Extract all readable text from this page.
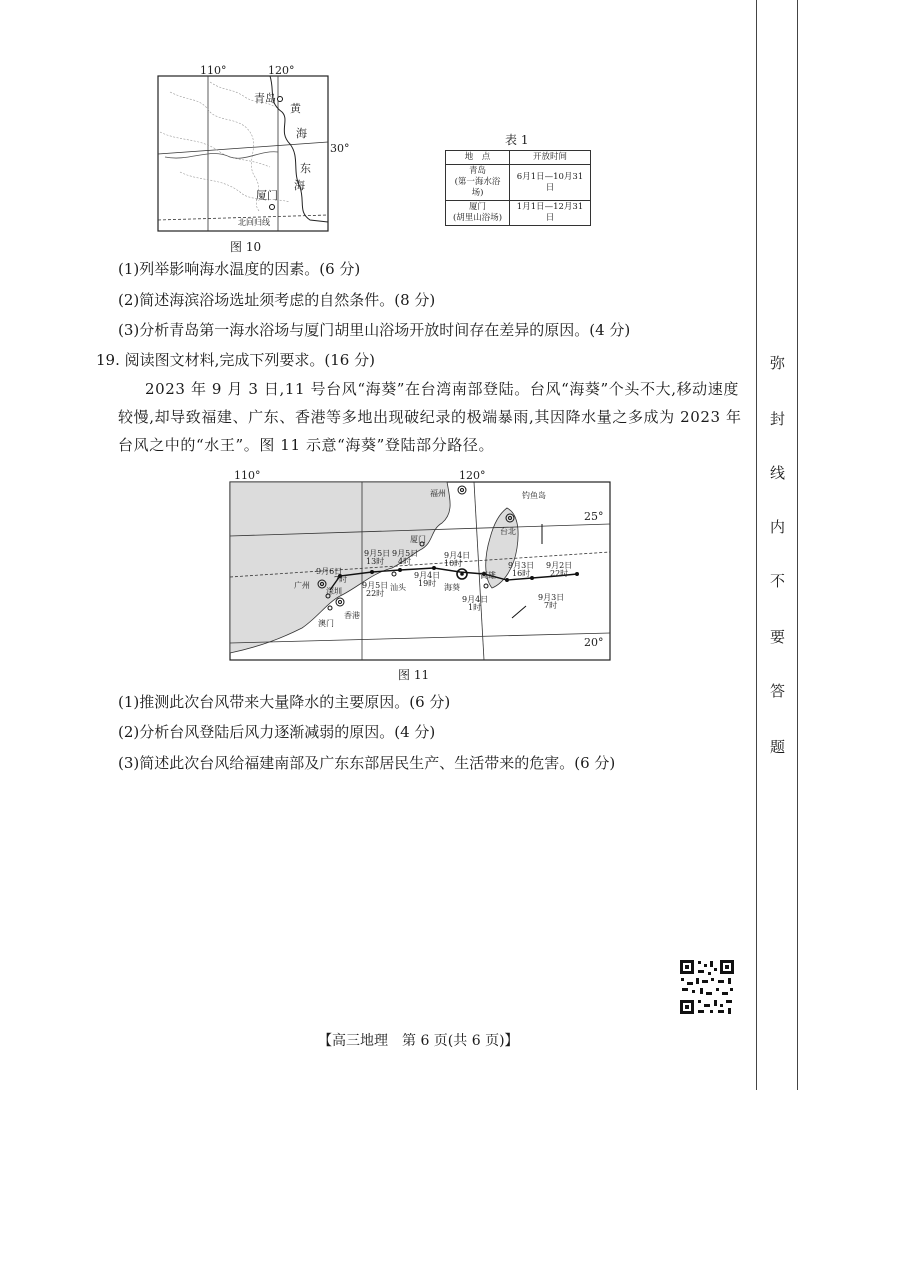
110°	120°
30°
青岛
厦门
黄
海
东
海
北回归线
图 10
表 1
地　点	开放时间
青岛
(第一海水浴场)	6月1日—10月31日
厦门
(胡里山浴场)	1月1日—12月31日
(1)列举影响海水温度的因素。(6 分)
(2)简述海滨浴场选址须考虑的自然条件。(8 分)
(3)分析青岛第一海水浴场与厦门胡里山浴场开放时间存在差异的原因。(4 分)
19. 阅读图文材料,完成下列要求。(16 分)
2023 年 9 月 3 日,11 号台风“海葵”在台湾南部登陆。台风“海葵”个头不大,移动速度
较慢,却导致福建、广东、香港等多地出现破纪录的极端暴雨,其因降水量之多成为 2023 年
台风之中的“水王”。图 11 示意“海葵”登陆部分路径。
110°	120°
25°
20°
福州	钓鱼岛
台北
厦门
广州
深圳
澳门
香港
汕头
高雄
海葵
9月2日
22时
9月3日
16时
9月3日
7时
9月4日
1时
9月4日
10时
9月4日
19时
9月5日
4时
9月5日
13时
9月5日
22时
9月6日
7时
图 11
(1)推测此次台风带来大量降水的主要原因。(6 分)
(2)分析台风登陆后风力逐渐减弱的原因。(4 分)
(3)简述此次台风给福建南部及广东东部居民生产、生活带来的危害。(6 分)
【高三地理　第 6 页(共 6 页)】
弥
封
线
内
不
要
答
题
